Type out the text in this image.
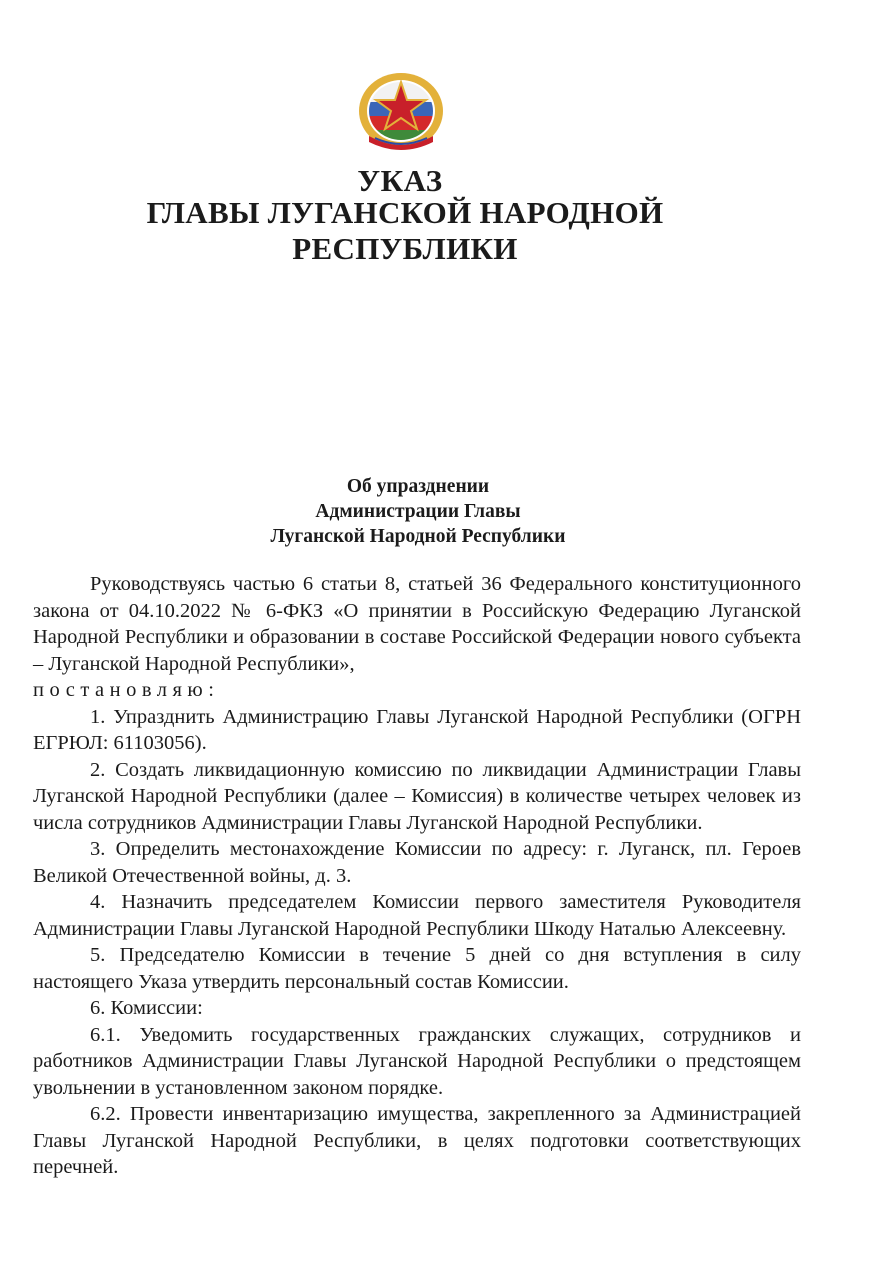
УКАЗ
ГЛАВЫ ЛУГАНСКОЙ НАРОДНОЙ РЕСПУБЛИКИ
Об упразднении
Администрации Главы
Луганской Народной Республики

Руководствуясь частью 6 статьи 8, статьей 36 Федерального конституционного закона от 04.10.2022 № 6-ФКЗ «О принятии в Российскую Федерацию Луганской Народной Республики и образовании в составе Российской Федерации нового субъекта – Луганской Народной Республики»,

постановляю:

1. Упразднить Администрацию Главы Луганской Народной Республики (ОГРН ЕГРЮЛ: 61103056).

2. Создать ликвидационную комиссию по ликвидации Администрации Главы Луганской Народной Республики (далее – Комиссия) в количестве четырех человек из числа сотрудников Администрации Главы Луганской Народной Республики.

3. Определить местонахождение Комиссии по адресу: г. Луганск, пл. Героев Великой Отечественной войны, д. 3.

4. Назначить председателем Комиссии первого заместителя Руководителя Администрации Главы Луганской Народной Республики Шкоду Наталью Алексеевну.

5. Председателю Комиссии в течение 5 дней со дня вступления в силу настоящего Указа утвердить персональный состав Комиссии.

6. Комиссии:

6.1. Уведомить государственных гражданских служащих, сотрудников и работников Администрации Главы Луганской Народной Республики о предстоящем увольнении в установленном законом порядке.

6.2. Провести инвентаризацию имущества, закрепленного за Администрацией Главы Луганской Народной Республики, в целях подготовки соответствующих перечней.
